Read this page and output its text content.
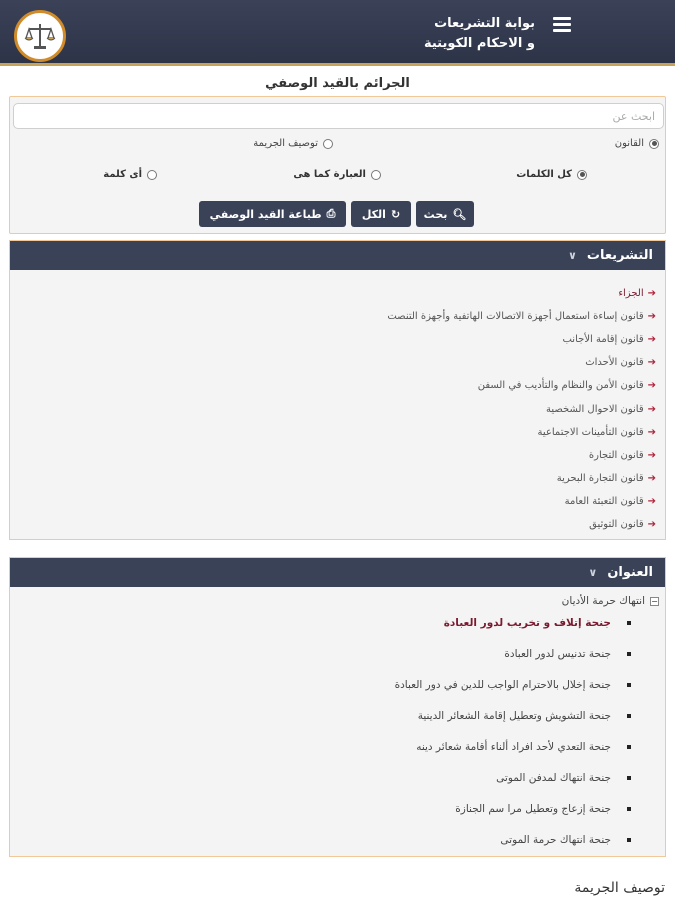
بوابة التشريعات
و الاحكام الكويتية
الجرائم بالقيد الوصفي
ابحث عن
القانون
توصيف الجريمة
كل الكلمات
العبارة كما هى
أى كلمة
🔍︎
بحث
↻
الكل
⎙
طباعة القيد الوصفي
التشريعات
∨
➔
الجزاء
➔
قانون إساءة استعمال أجهزة الاتصالات الهاتفية وأجهزة التنصت
➔
قانون إقامة الأجانب
➔
قانون الأحداث
➔
قانون الأمن والنظام والتأديب في السفن
➔
قانون الاحوال الشخصية
➔
قانون التأمينات الاجتماعية
➔
قانون التجارة
➔
قانون التجارة البحرية
➔
قانون التعبئة العامة
➔
قانون التوثيق
العنوان
∨
−
انتهاك حرمة الأديان
جنحة إتلاف و تخريب لدور العبادة
جنحة تدنيس لدور العبادة
جنحة إخلال بالاحترام الواجب للدين في دور العبادة
جنحة التشويش وتعطيل إقامة الشعائر الدينية
جنحة التعدي لأحد افراد ألناء أقامة شعائر دينه
جنحة انتهاك لمدفن الموتى
جنحة إزعاج وتعطيل مرا سم الجنازة
جنحة انتهاك حرمة الموتى
توصيف الجريمة
